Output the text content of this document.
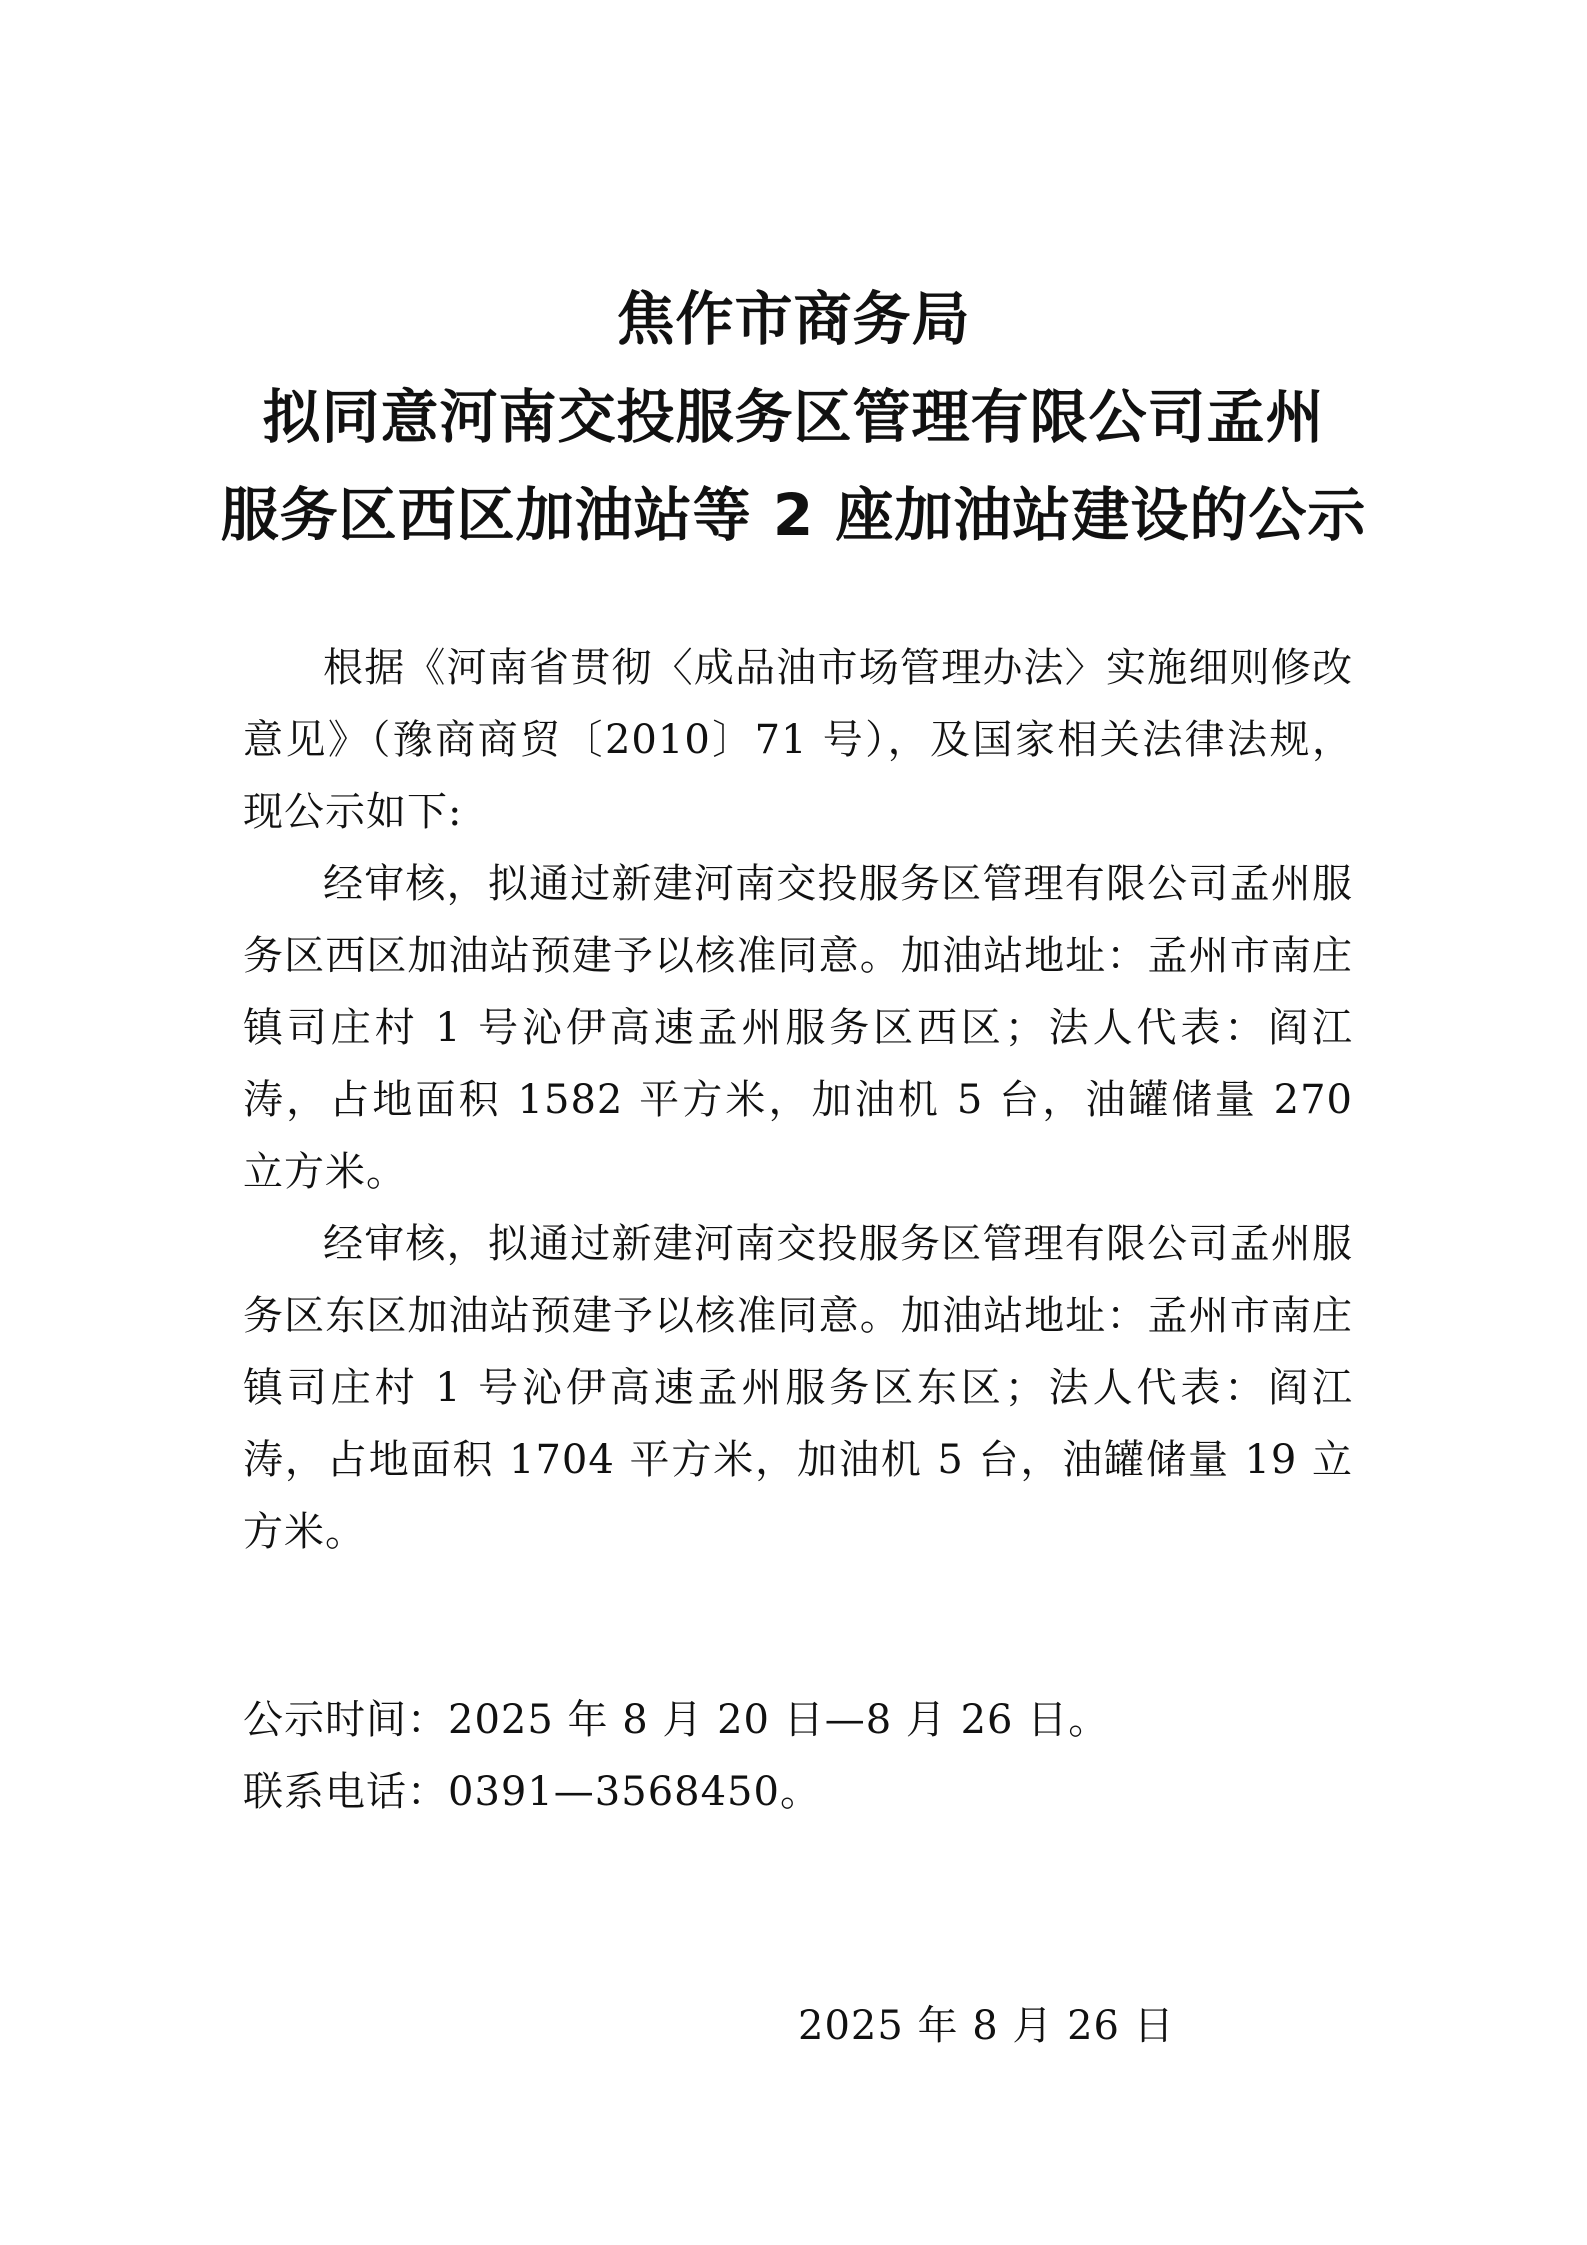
焦作市商务局
拟同意河南交投服务区管理有限公司孟州
服务区西区加油站等 2 座加油站建设的公示

根据《河南省贯彻〈成品油市场管理办法〉实施细则修改意见》（豫商商贸〔2010〕71 号），及国家相关法律法规，现公示如下:

经审核，拟通过新建河南交投服务区管理有限公司孟州服务区西区加油站预建予以核准同意。加油站地址：孟州市南庄镇司庄村 1 号沁伊高速孟州服务区西区；法人代表：阎江涛，占地面积 1582 平方米，加油机 5 台，油罐储量 270 立方米。

经审核，拟通过新建河南交投服务区管理有限公司孟州服务区东区加油站预建予以核准同意。加油站地址：孟州市南庄镇司庄村 1 号沁伊高速孟州服务区东区；法人代表：阎江涛，占地面积 1704 平方米，加油机 5 台，油罐储量 19 立方米。

公示时间：2025 年 8 月 20 日—8 月 26 日。
联系电话：0391—3568450。
2025 年 8 月 26 日
